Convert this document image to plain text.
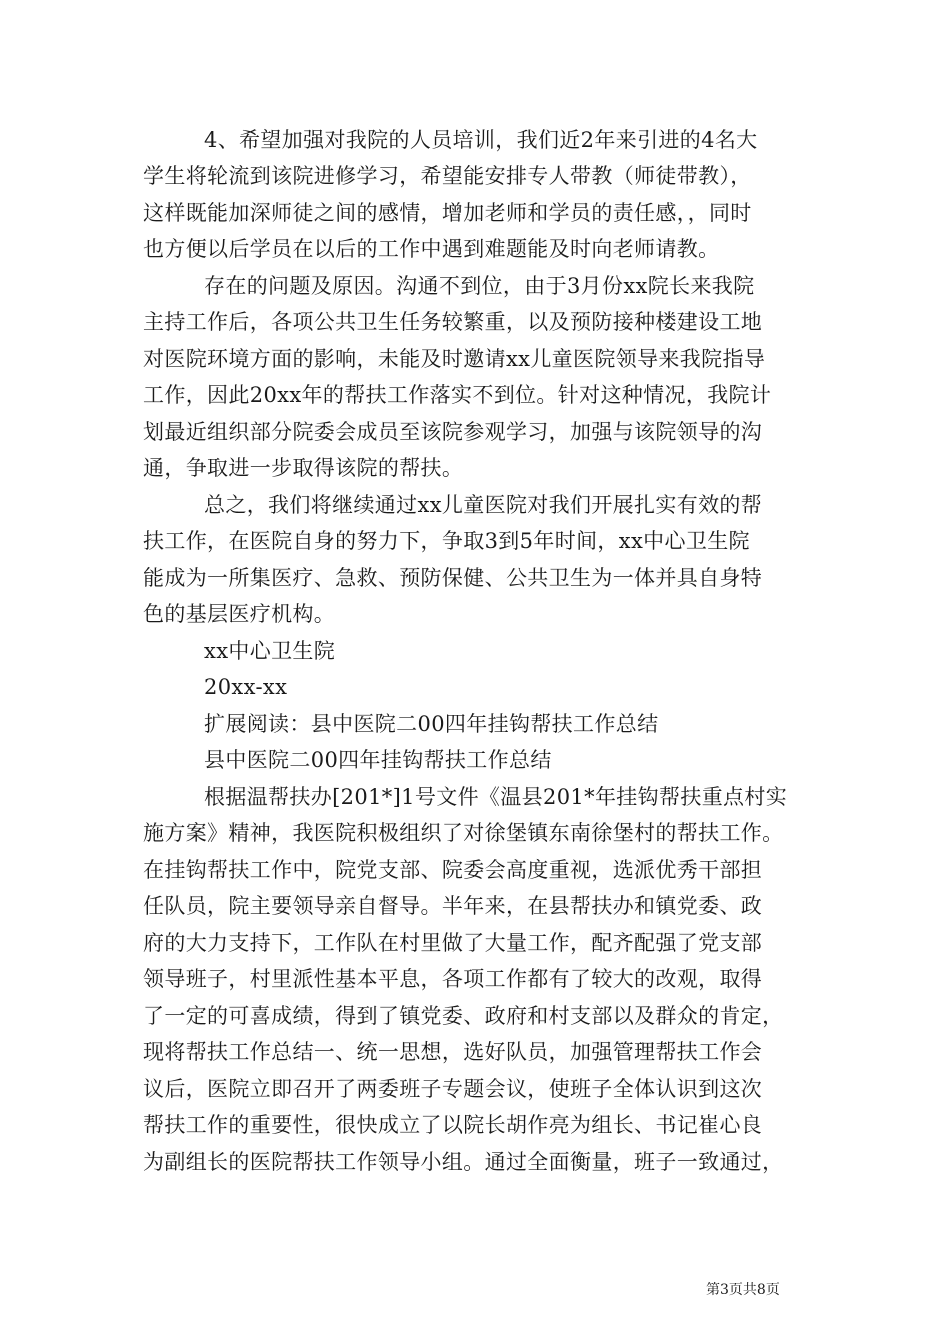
4、希望加强对我院的人员培训，我们近2年来引进的4名大
学生将轮流到该院进修学习，希望能安排专人带教（师徒带教），
这样既能加深师徒之间的感情，增加老师和学员的责任感，，同时
也方便以后学员在以后的工作中遇到难题能及时向老师请教。
存在的问题及原因。沟通不到位，由于3月份xx院长来我院
主持工作后，各项公共卫生任务较繁重，以及预防接种楼建设工地
对医院环境方面的影响，未能及时邀请xx儿童医院领导来我院指导
工作，因此20xx年的帮扶工作落实不到位。针对这种情况，我院计
划最近组织部分院委会成员至该院参观学习，加强与该院领导的沟
通，争取进一步取得该院的帮扶。
总之，我们将继续通过xx儿童医院对我们开展扎实有效的帮
扶工作，在医院自身的努力下，争取3到5年时间，xx中心卫生院
能成为一所集医疗、急救、预防保健、公共卫生为一体并具自身特
色的基层医疗机构。
xx中心卫生院
20xx-xx
扩展阅读：县中医院二00四年挂钩帮扶工作总结
县中医院二00四年挂钩帮扶工作总结
根据温帮扶办[201*]1号文件《温县201*年挂钩帮扶重点村实
施方案》精神，我医院积极组织了对徐堡镇东南徐堡村的帮扶工作。
在挂钩帮扶工作中，院党支部、院委会高度重视，选派优秀干部担
任队员，院主要领导亲自督导。半年来，在县帮扶办和镇党委、政
府的大力支持下，工作队在村里做了大量工作，配齐配强了党支部
领导班子，村里派性基本平息，各项工作都有了较大的改观，取得
了一定的可喜成绩，得到了镇党委、政府和村支部以及群众的肯定，
现将帮扶工作总结一、统一思想，选好队员，加强管理帮扶工作会
议后，医院立即召开了两委班子专题会议，使班子全体认识到这次
帮扶工作的重要性，很快成立了以院长胡作亮为组长、书记崔心良
为副组长的医院帮扶工作领导小组。通过全面衡量，班子一致通过，
第3页共8页
